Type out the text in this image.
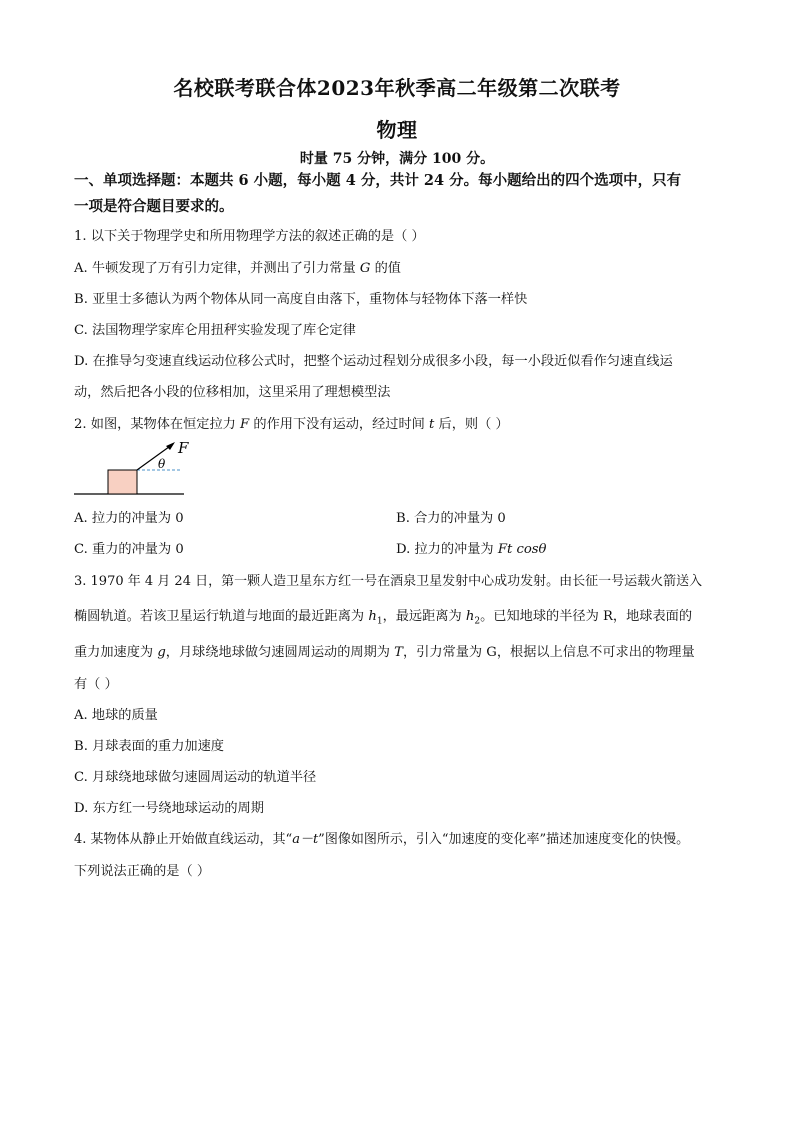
名校联考联合体2023年秋季高二年级第二次联考
物理
时量 75 分钟，满分 100 分。
一、单项选择题：本题共 6 小题，每小题 4 分，共计 24 分。每小题给出的四个选项中，只有
一项是符合题目要求的。
1. 以下关于物理学史和所用物理学方法的叙述正确的是（ ）
A. 牛顿发现了万有引力定律，并测出了引力常量 G 的值
B. 亚里士多德认为两个物体从同一高度自由落下，重物体与轻物体下落一样快
C. 法国物理学家库仑用扭秤实验发现了库仑定律
D. 在推导匀变速直线运动位移公式时，把整个运动过程划分成很多小段，每一小段近似看作匀速直线运
动，然后把各小段的位移相加，这里采用了理想模型法
2. 如图，某物体在恒定拉力 F 的作用下没有运动，经过时间 t 后，则（ ）
F
θ
A. 拉力的冲量为 0	B. 合力的冲量为 0
C. 重力的冲量为 0	D. 拉力的冲量为 Ft cosθ
3. 1970 年 4 月 24 日，第一颗人造卫星东方红一号在酒泉卫星发射中心成功发射。由长征一号运载火箭送入
椭圆轨道。若该卫星运行轨道与地面的最近距离为 $h_1$，最远距离为 $h_2$。已知地球的半径为 R，地球表面的
重力加速度为 g，月球绕地球做匀速圆周运动的周期为 T，引力常量为 G，根据以上信息不可求出的物理量
有（ ）
A. 地球的质量
B. 月球表面的重力加速度
C. 月球绕地球做匀速圆周运动的轨道半径
D. 东方红一号绕地球运动的周期
4. 某物体从静止开始做直线运动，其“a－t”图像如图所示，引入“加速度的变化率”描述加速度变化的快慢。
下列说法正确的是（ ）
